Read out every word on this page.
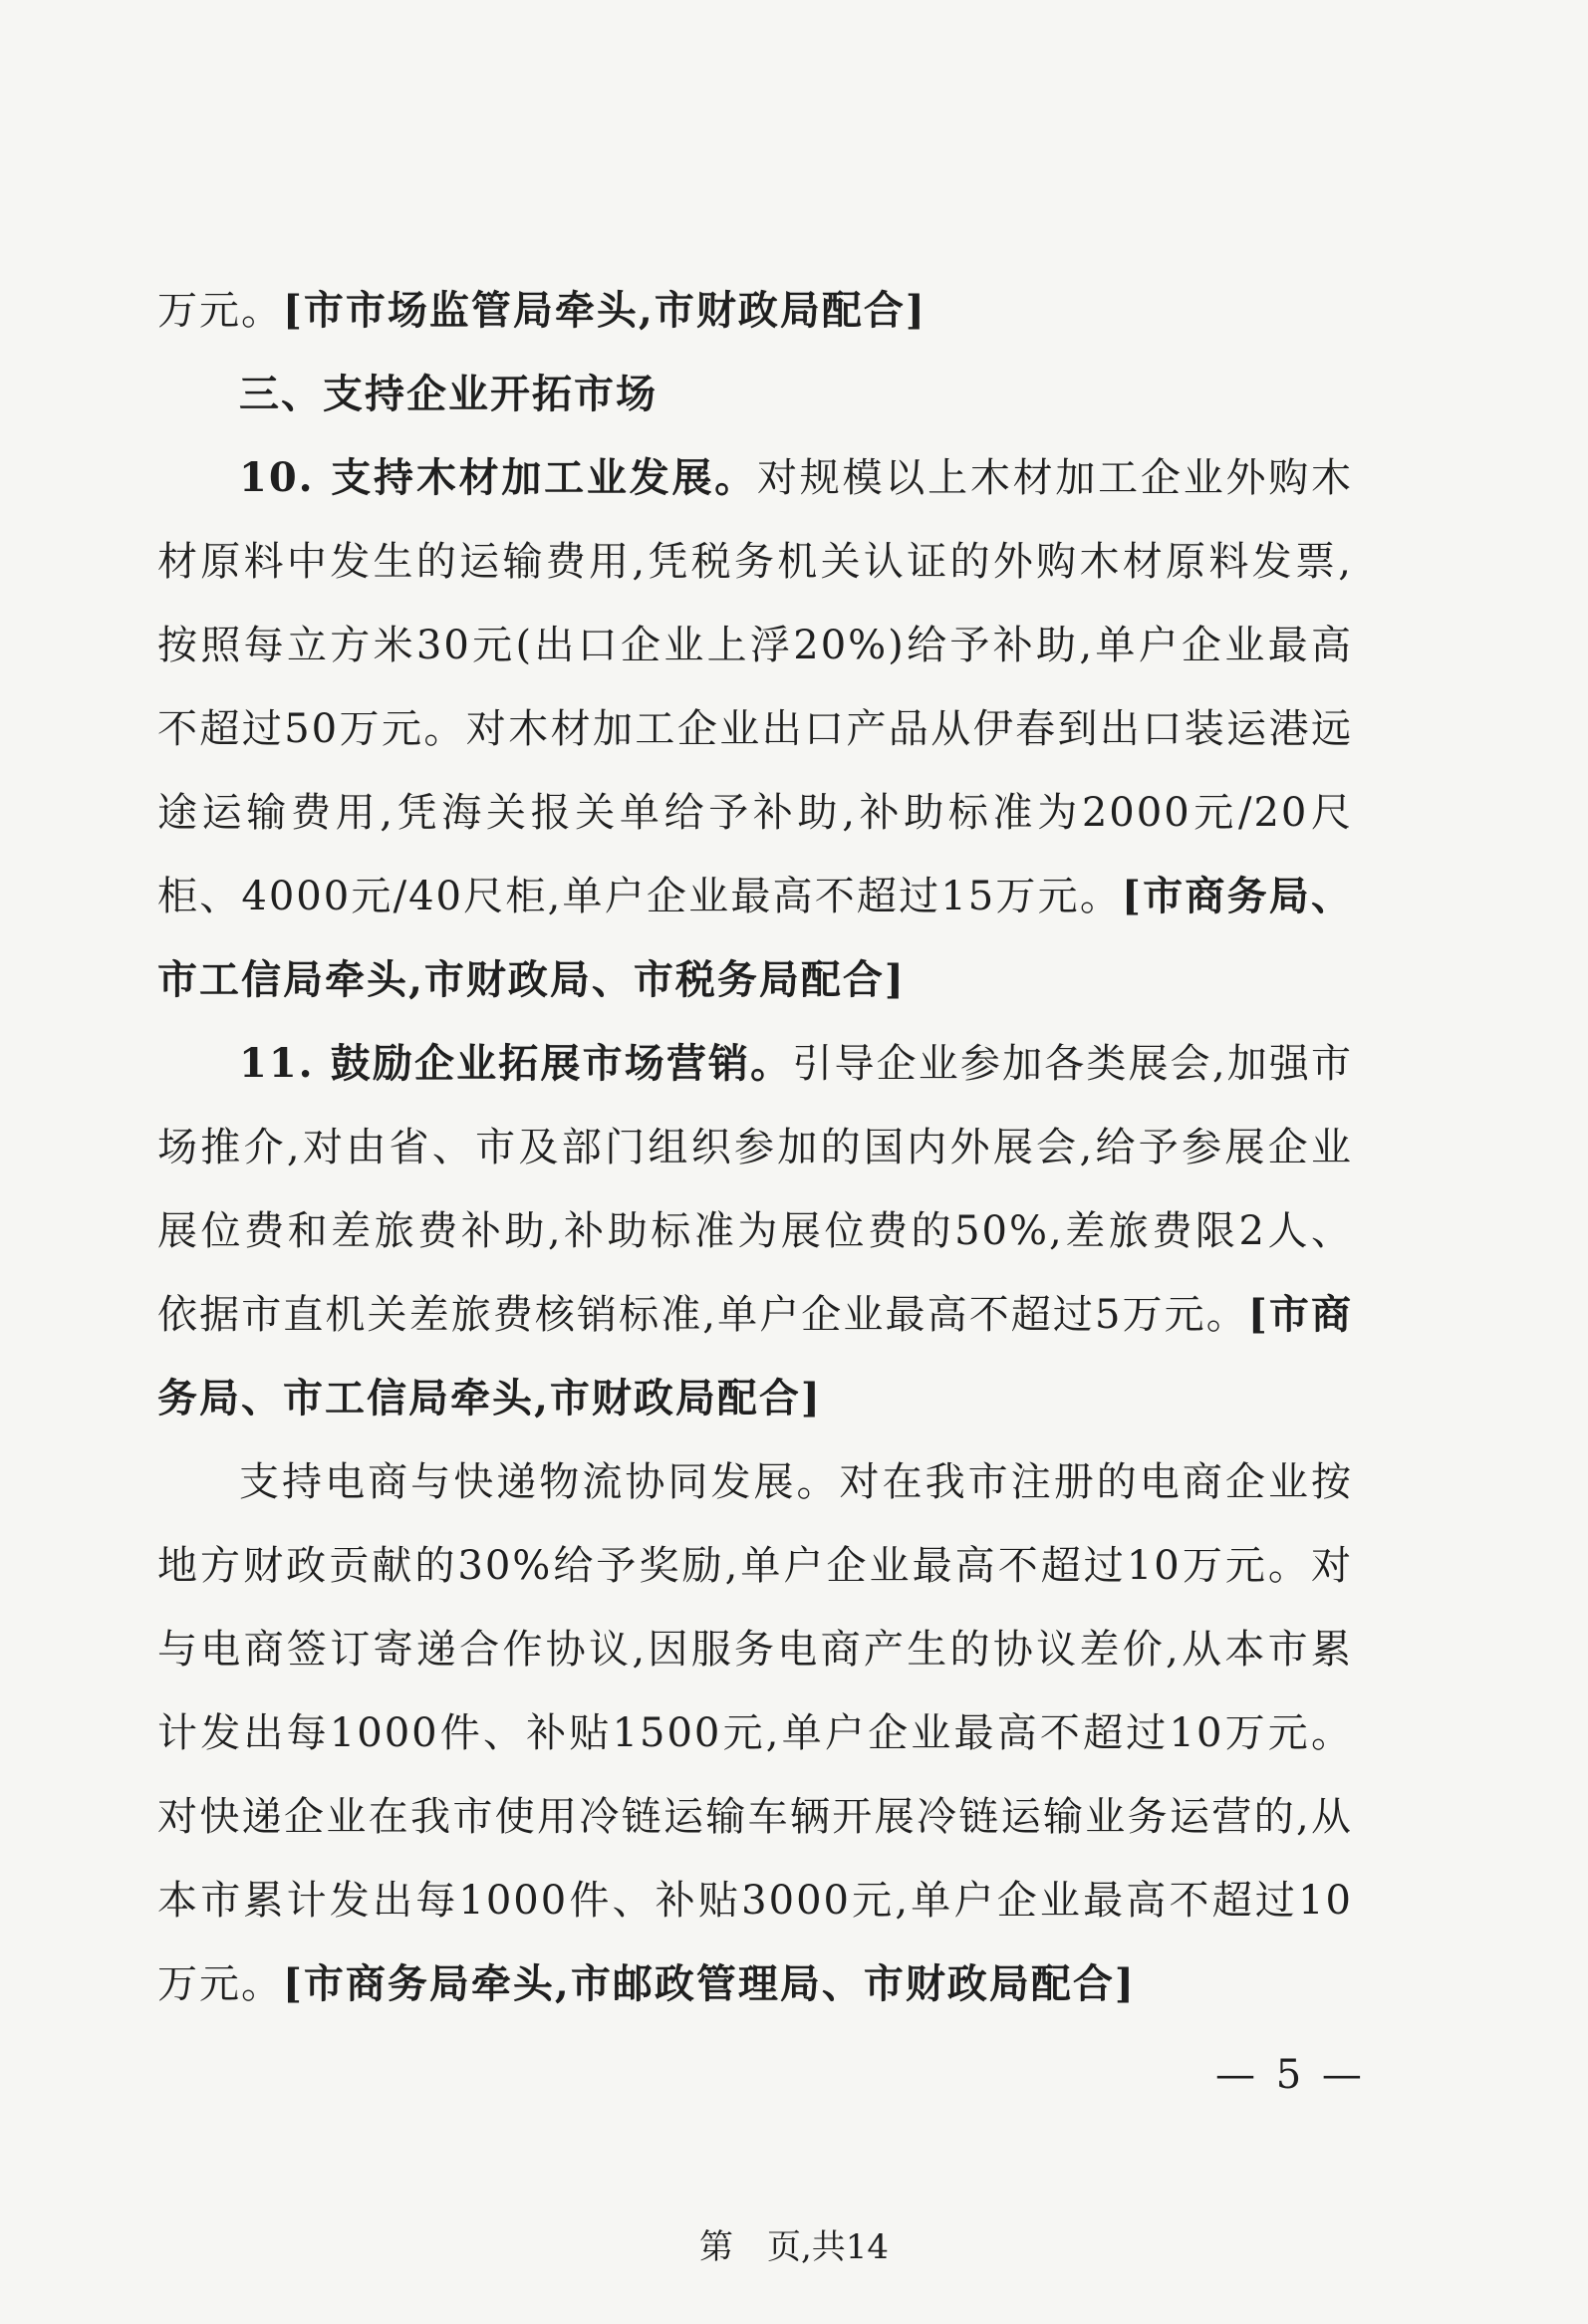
万元。[市市场监管局牵头,市财政局配合]

三、支持企业开拓市场

10. 支持木材加工业发展。对规模以上木材加工企业外购木材原料中发生的运输费用,凭税务机关认证的外购木材原料发票,按照每立方米30元(出口企业上浮20%)给予补助,单户企业最高不超过50万元。对木材加工企业出口产品从伊春到出口装运港远途运输费用,凭海关报关单给予补助,补助标准为2000元/20尺柜、4000元/40尺柜,单户企业最高不超过15万元。[市商务局、市工信局牵头,市财政局、市税务局配合]

11. 鼓励企业拓展市场营销。引导企业参加各类展会,加强市场推介,对由省、市及部门组织参加的国内外展会,给予参展企业展位费和差旅费补助,补助标准为展位费的50%,差旅费限2人、依据市直机关差旅费核销标准,单户企业最高不超过5万元。[市商务局、市工信局牵头,市财政局配合]

支持电商与快递物流协同发展。对在我市注册的电商企业按地方财政贡献的30%给予奖励,单户企业最高不超过10万元。对与电商签订寄递合作协议,因服务电商产生的协议差价,从本市累计发出每1000件、补贴1500元,单户企业最高不超过10万元。对快递企业在我市使用冷链运输车辆开展冷链运输业务运营的,从本市累计发出每1000件、补贴3000元,单户企业最高不超过10万元。[市商务局牵头,市邮政管理局、市财政局配合]

— 5 —
第 页,共14
